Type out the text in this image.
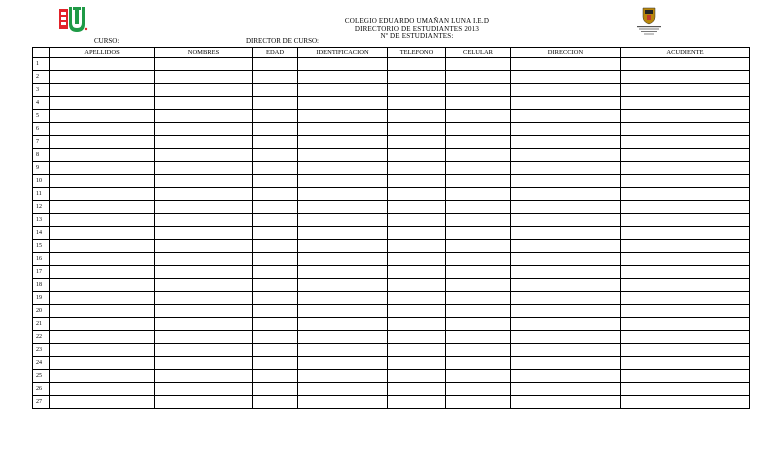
COLEGIO EDUARDO UMAÑAN LUNA I.E.D
DIRECTORIO DE ESTUDIANTES 2013
Nº DE ESTUDIANTES:
CURSO:	DIRECTOR DE CURSO:
	APELLIDOS	NOMBRES	EDAD	IDENTIFICACION	TELEFONO	CELULAR	DIRECCION	ACUDIENTE
1								
2								
3								
4								
5								
6								
7								
8								
9								
10								
11								
12								
13								
14								
15								
16								
17								
18								
19								
20								
21								
22								
23								
24								
25								
26								
27								
